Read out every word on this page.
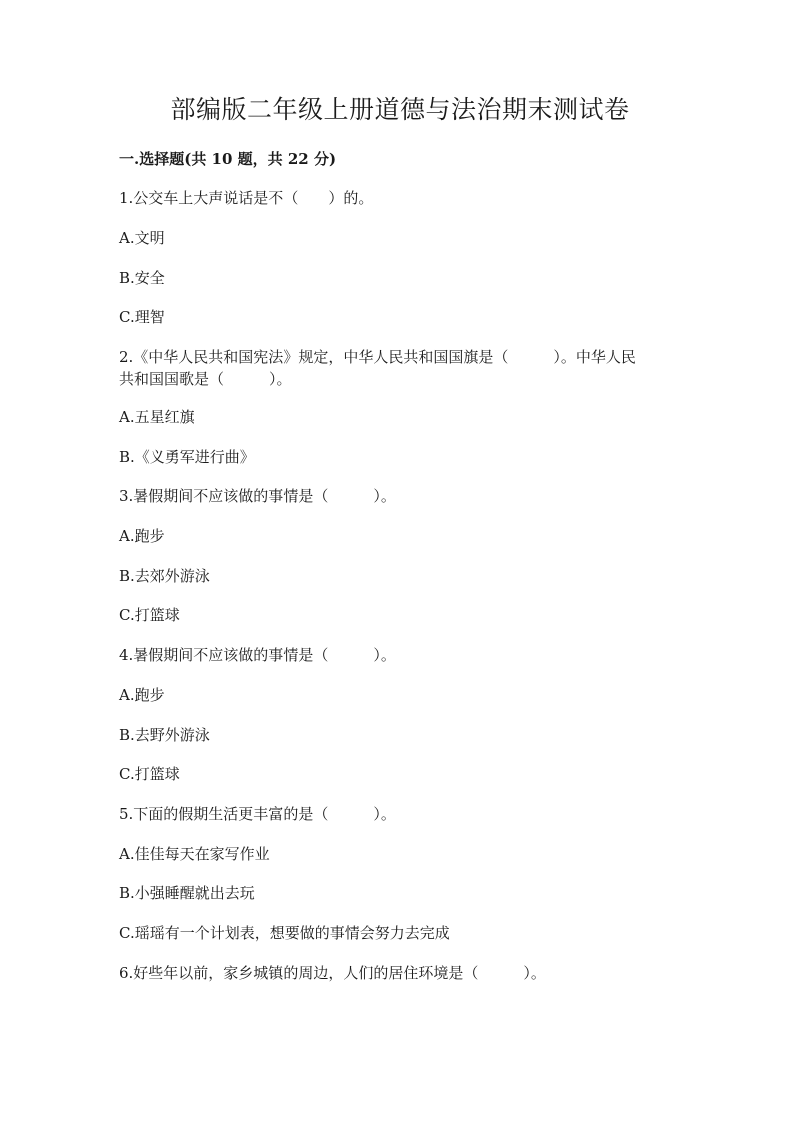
部编版二年级上册道德与法治期末测试卷
一.选择题(共 10 题，共 22 分)
1.公交车上大声说话是不（　　）的。
A.文明
B.安全
C.理智
2.《中华人民共和国宪法》规定，中华人民共和国国旗是（　　　）。中华人民
共和国国歌是（　　　）。
A.五星红旗
B.《义勇军进行曲》
3.暑假期间不应该做的事情是（　　　）。
A.跑步
B.去郊外游泳
C.打篮球
4.暑假期间不应该做的事情是（　　　）。
A.跑步
B.去野外游泳
C.打篮球
5.下面的假期生活更丰富的是（　　　）。
A.佳佳每天在家写作业
B.小强睡醒就出去玩
C.瑶瑶有一个计划表，想要做的事情会努力去完成
6.好些年以前，家乡城镇的周边，人们的居住环境是（　　　）。
